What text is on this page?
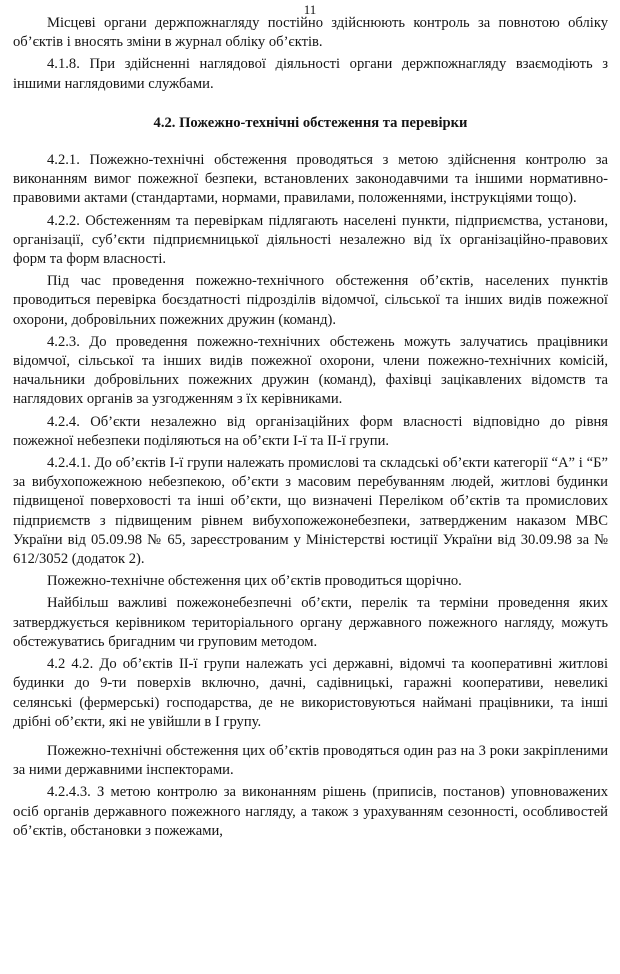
11

Місцеві органи держпожнагляду постійно здійснюють контроль за повнотою обліку об’єктів і вносять зміни в журнал обліку об’єктів.

4.1.8. При здійсненні наглядової діяльності органи держпожнагляду взаємодіють з іншими наглядовими службами.

4.2. Пожежно-технічні обстеження та перевірки

4.2.1. Пожежно-технічні обстеження проводяться з метою здійснення контролю за виконанням вимог пожежної безпеки, встановлених законодавчими та іншими нормативно-правовими актами (стандартами, нормами, правилами, положеннями, інструкціями тощо).

4.2.2. Обстеженням та перевіркам підлягають населені пункти, підприємства, установи, організації, суб’єкти підприємницької діяльності незалежно від їх організаційно-правових форм та форм власності.

Під час проведення пожежно-технічного обстеження об’єктів, населених пунктів проводиться перевірка боєздатності підрозділів відомчої, сільської та інших видів пожежної охорони, добровільних пожежних дружин (команд).

4.2.3. До проведення пожежно-технічних обстежень можуть залучатись працівники відомчої, сільської та інших видів пожежної охорони, члени пожежно-технічних комісій, начальники добровільних пожежних дружин (команд), фахівці зацікавлених відомств та наглядових органів за узгодженням з їх керівниками.

4.2.4. Об’єкти незалежно від організаційних форм власності відповідно до рівня пожежної небезпеки поділяються на об’єкти І-ї та ІІ-ї групи.

4.2.4.1. До об’єктів І-ї групи належать промислові та складські об’єкти категорії “А” і “Б” за вибухопожежною небезпекою, об’єкти з масовим перебуванням людей, житлові будинки підвищеної поверховості та інші об’єкти, що визначені Переліком об’єктів та промислових підприємств з підвищеним рівнем вибухопожежонебезпеки, затвердженим наказом МВС України від 05.09.98 № 65, зареєстрованим у Міністерстві юстиції України від 30.09.98 за № 612/3052 (додаток 2).

Пожежно-технічне обстеження цих об’єктів проводиться щорічно.

Найбільш важливі пожежонебезпечні об’єкти, перелік та терміни проведення яких затверджується керівником територіального органу державного пожежного нагляду, можуть обстежуватись бригадним чи груповим методом.

4.2 4.2. До об’єктів ІІ-ї групи належать усі державні, відомчі та кооперативні житлові будинки до 9-ти поверхів включно, дачні, садівницькі, гаражні кооперативи, невеликі селянські (фермерські) господарства, де не використовуються наймані працівники, та інші дрібні об’єкти, які не увійшли в І групу.

Пожежно-технічні обстеження цих об’єктів проводяться один раз на 3 роки закріпленими за ними державними інспекторами.

4.2.4.3. З метою контролю за виконанням рішень (приписів, постанов) уповноважених осіб органів державного пожежного нагляду, а також з урахуванням сезонності, особливостей об’єктів, обстановки з пожежами,
